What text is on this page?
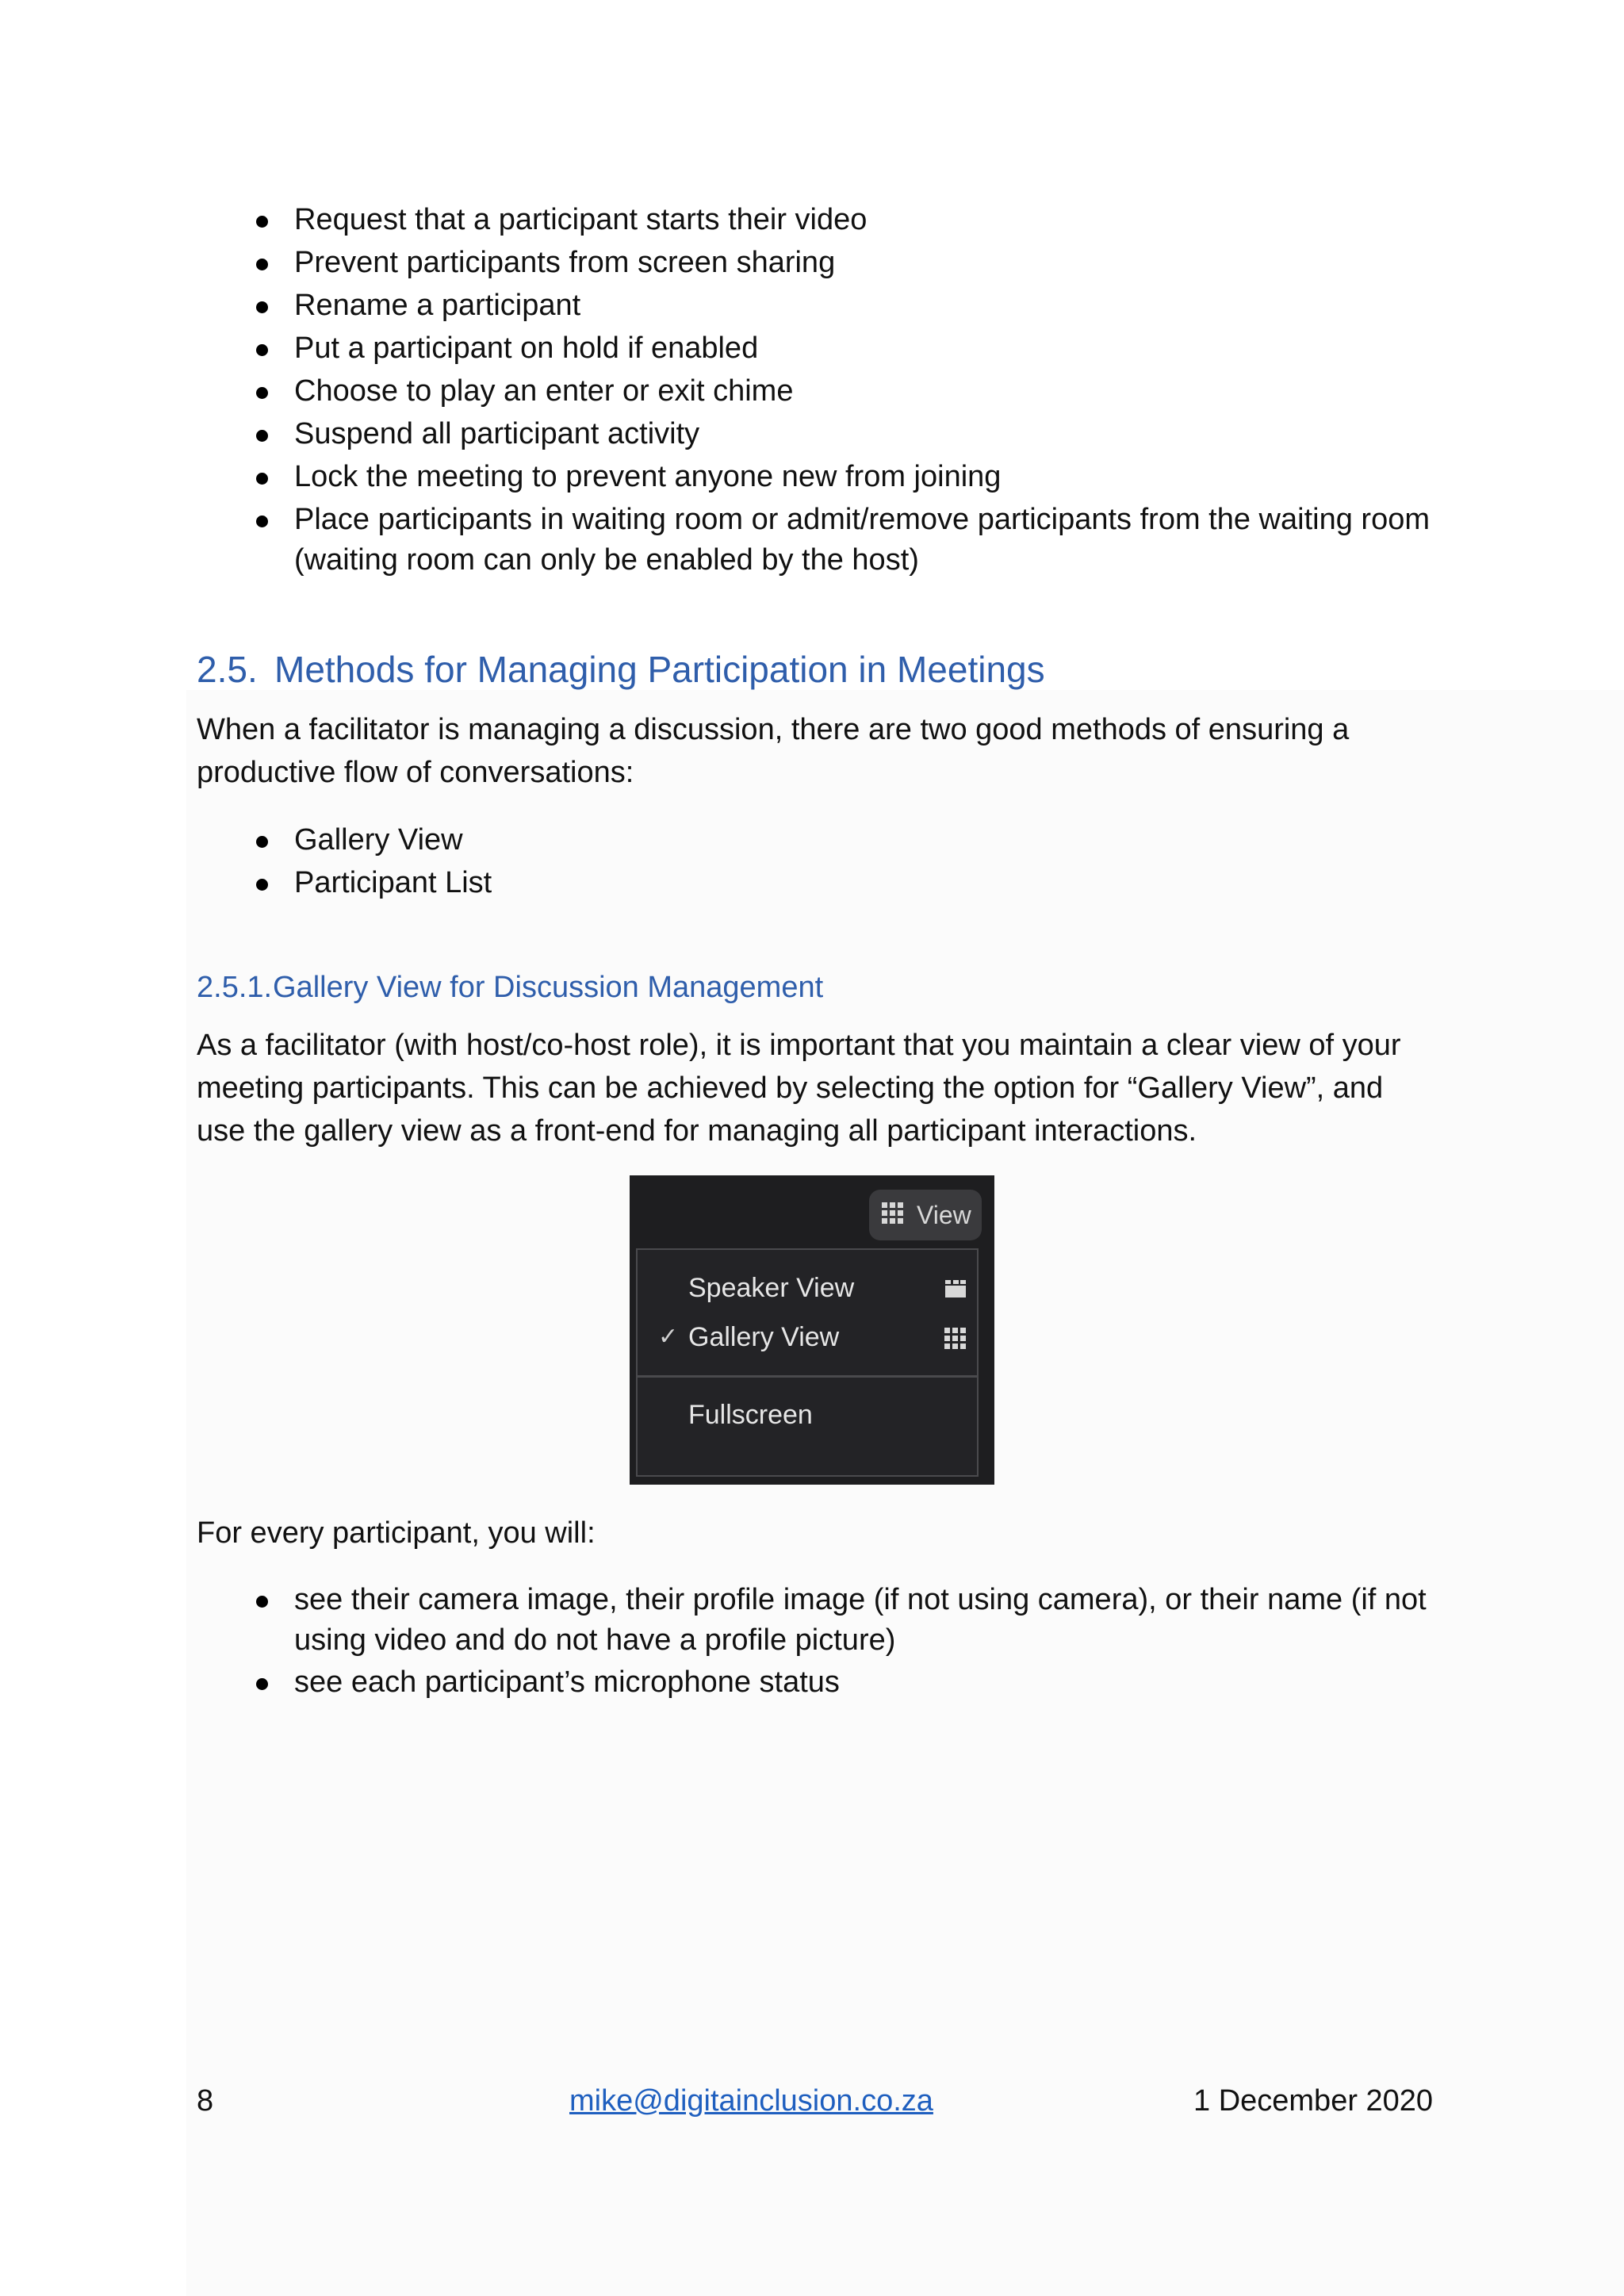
Request that a participant starts their video
Prevent participants from screen sharing
Rename a participant
Put a participant on hold if enabled
Choose to play an enter or exit chime
Suspend all participant activity
Lock the meeting to prevent anyone new from joining
Place participants in waiting room or admit/remove participants from the waiting room (waiting room can only be enabled by the host)
2.5. Methods for Managing Participation in Meetings
When a facilitator is managing a discussion, there are two good methods of ensuring a productive flow of conversations:
Gallery View
Participant List
2.5.1.Gallery View for Discussion Management
As a facilitator (with host/co-host role), it is important that you maintain a clear view of your meeting participants. This can be achieved by selecting the option for “Gallery View”, and use the gallery view as a front-end for managing all participant interactions.
View
Speaker View
✓ Gallery View
Fullscreen
For every participant, you will:
see their camera image, their profile image (if not using camera), or their name (if not using video and do not have a profile picture)
see each participant’s microphone status
8	mike@digitainclusion.co.za	1 December 2020
